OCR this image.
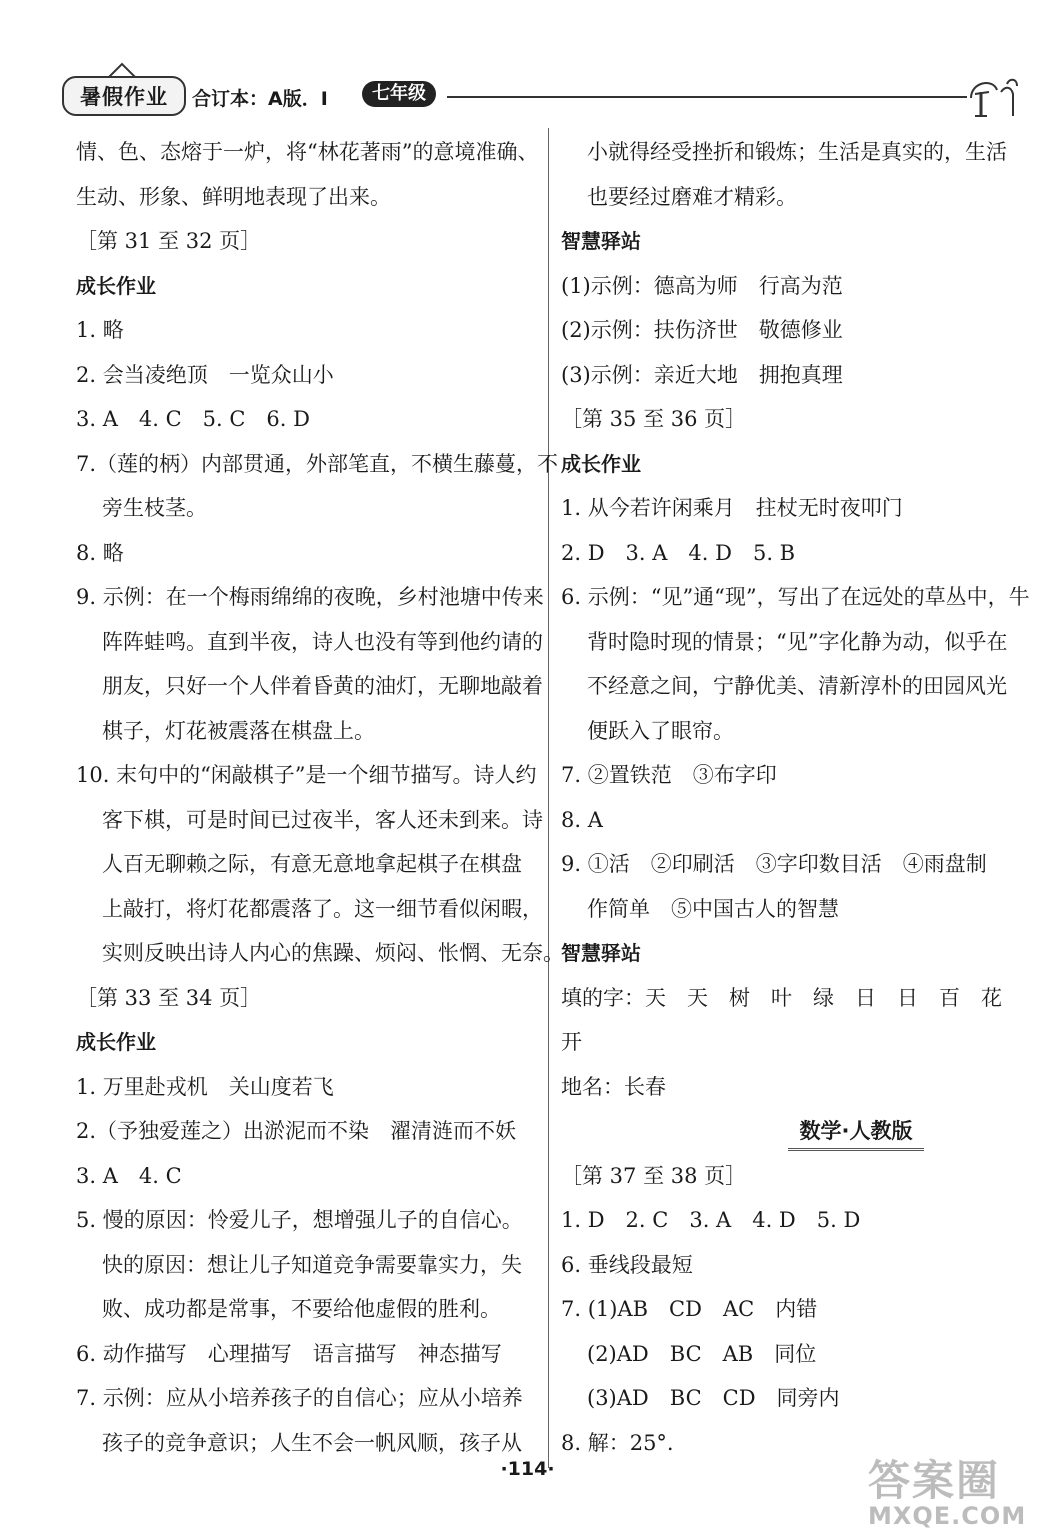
暑假作业 合订本：A版．Ⅰ	七年级
情、色、态熔于一炉，将“林花著雨”的意境准确、
生动、形象、鲜明地表现了出来。
［第 31 至 32 页］
成长作业
1. 略
2. 会当凌绝顶　一览众山小
3. A　4. C　5. C　6. D
7.（莲的柄）内部贯通，外部笔直，不横生藤蔓，不
旁生枝茎。
8. 略
9. 示例：在一个梅雨绵绵的夜晚，乡村池塘中传来
阵阵蛙鸣。直到半夜，诗人也没有等到他约请的
朋友，只好一个人伴着昏黄的油灯，无聊地敲着
棋子，灯花被震落在棋盘上。
10. 末句中的“闲敲棋子”是一个细节描写。诗人约
客下棋，可是时间已过夜半，客人还未到来。诗
人百无聊赖之际，有意无意地拿起棋子在棋盘
上敲打，将灯花都震落了。这一细节看似闲暇，
实则反映出诗人内心的焦躁、烦闷、怅惘、无奈。
［第 33 至 34 页］
成长作业
1. 万里赴戎机　关山度若飞
2.（予独爱莲之）出淤泥而不染　濯清涟而不妖
3. A　4. C
5. 慢的原因：怜爱儿子，想增强儿子的自信心。
快的原因：想让儿子知道竞争需要靠实力，失
败、成功都是常事，不要给他虚假的胜利。
6. 动作描写　心理描写　语言描写　神态描写
7. 示例：应从小培养孩子的自信心；应从小培养
孩子的竞争意识；人生不会一帆风顺，孩子从
小就得经受挫折和锻炼；生活是真实的，生活
也要经过磨难才精彩。
智慧驿站
(1)示例：德高为师　行高为范
(2)示例：扶伤济世　敬德修业
(3)示例：亲近大地　拥抱真理
［第 35 至 36 页］
成长作业
1. 从今若许闲乘月　拄杖无时夜叩门
2. D　3. A　4. D　5. B
6. 示例：“见”通“现”，写出了在远处的草丛中，牛
背时隐时现的情景；“见”字化静为动，似乎在
不经意之间，宁静优美、清新淳朴的田园风光
便跃入了眼帘。
7. ②置铁范　③布字印
8. A
9. ①活　②印刷活　③字印数目活　④雨盘制
作简单　⑤中国古人的智慧
智慧驿站
填的字：天　天　树　叶　绿　日　日　百　花
开
地名：长春
数学·人教版
［第 37 至 38 页］
1. D　2. C　3. A　4. D　5. D
6. 垂线段最短
7. (1)AB　CD　AC　内错
(2)AD　BC　AB　同位
(3)AD　BC　CD　同旁内
8. 解：25°.
·114·	答案圈
MXQE.COM
